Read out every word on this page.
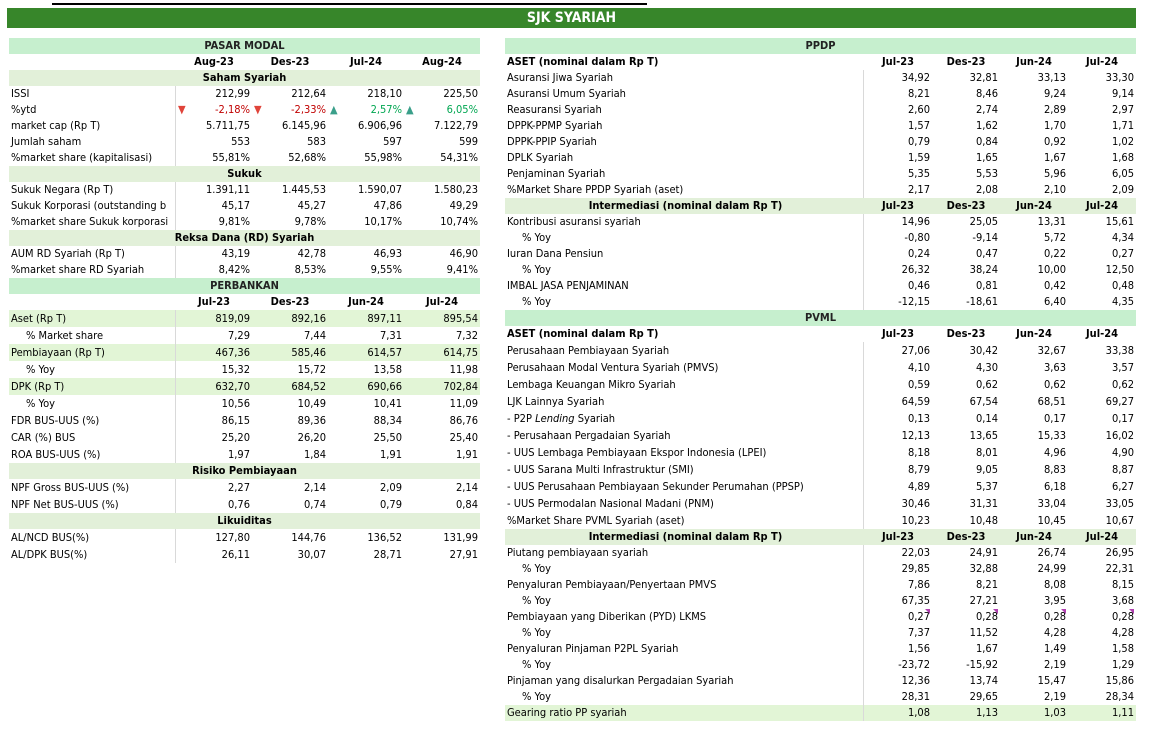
SJK SYARIAH
PASAR MODAL
Aug-23	Des-23	Jul-24	Aug-24
Saham Syariah
ISSI	212,99	212,64	218,10	225,50
%ytd	▼	-2,18% ▼	-2,33% ▲	2,57% ▲	6,05%
market cap (Rp T)	5.711,75	6.145,96	6.906,96	7.122,79
Jumlah saham	553	583	597	599
%market share (kapitalisasi)	55,81%	52,68%	55,98%	54,31%
Sukuk
Sukuk Negara (Rp T)	1.391,11	1.445,53	1.590,07	1.580,23
Sukuk Korporasi (outstanding b	45,17	45,27	47,86	49,29
%market share Sukuk korporasi	9,81%	9,78%	10,17%	10,74%
Reksa Dana (RD) Syariah
AUM RD Syariah (Rp T)	43,19	42,78	46,93	46,90
%market share RD Syariah	8,42%	8,53%	9,55%	9,41%
PERBANKAN
Jul-23	Des-23	Jun-24	Jul-24
Aset (Rp T)	819,09	892,16	897,11	895,54
% Market share	7,29	7,44	7,31	7,32
Pembiayaan (Rp T)	467,36	585,46	614,57	614,75
% Yoy	15,32	15,72	13,58	11,98
DPK (Rp T)	632,70	684,52	690,66	702,84
% Yoy	10,56	10,49	10,41	11,09
FDR BUS-UUS (%)	86,15	89,36	88,34	86,76
CAR (%) BUS	25,20	26,20	25,50	25,40
ROA BUS-UUS (%)	1,97	1,84	1,91	1,91
Risiko Pembiayaan
NPF Gross BUS-UUS (%)	2,27	2,14	2,09	2,14
NPF Net BUS-UUS (%)	0,76	0,74	0,79	0,84
Likuiditas
AL/NCD BUS(%)	127,80	144,76	136,52	131,99
AL/DPK BUS(%)	26,11	30,07	28,71	27,91
PPDP
ASET (nominal dalam Rp T)	Jul-23	Des-23	Jun-24	Jul-24
Asuransi Jiwa Syariah	34,92	32,81	33,13	33,30
Asuransi Umum Syariah	8,21	8,46	9,24	9,14
Reasuransi Syariah	2,60	2,74	2,89	2,97
DPPK-PPMP Syariah	1,57	1,62	1,70	1,71
DPPK-PPIP Syariah	0,79	0,84	0,92	1,02
DPLK Syariah	1,59	1,65	1,67	1,68
Penjaminan Syariah	5,35	5,53	5,96	6,05
%Market Share PPDP Syariah (aset)	2,17	2,08	2,10	2,09
Intermediasi (nominal dalam Rp T)	Jul-23	Des-23	Jun-24	Jul-24
Kontribusi asuransi syariah	14,96	25,05	13,31	15,61
% Yoy	-0,80	-9,14	5,72	4,34
Iuran Dana Pensiun	0,24	0,47	0,22	0,27
% Yoy	26,32	38,24	10,00	12,50
IMBAL JASA PENJAMINAN	0,46	0,81	0,42	0,48
% Yoy	-12,15	-18,61	6,40	4,35
PVML
ASET (nominal dalam Rp T)	Jul-23	Des-23	Jun-24	Jul-24
Perusahaan Pembiayaan Syariah	27,06	30,42	32,67	33,38
Perusahaan Modal Ventura Syariah (PMVS)	4,10	4,30	3,63	3,57
Lembaga Keuangan Mikro Syariah	0,59	0,62	0,62	0,62
LJK Lainnya Syariah	64,59	67,54	68,51	69,27
- P2P Lending Syariah	0,13	0,14	0,17	0,17
- Perusahaan Pergadaian Syariah	12,13	13,65	15,33	16,02
- UUS Lembaga Pembiayaan Ekspor Indonesia (LPEI)	8,18	8,01	4,96	4,90
- UUS Sarana Multi Infrastruktur (SMI)	8,79	9,05	8,83	8,87
- UUS Perusahaan Pembiayaan Sekunder Perumahan (PPSP)	4,89	5,37	6,18	6,27
- UUS Permodalan Nasional Madani (PNM)	30,46	31,31	33,04	33,05
%Market Share PVML Syariah (aset)	10,23	10,48	10,45	10,67
Intermediasi (nominal dalam Rp T)	Jul-23	Des-23	Jun-24	Jul-24
Piutang pembiayaan syariah	22,03	24,91	26,74	26,95
% Yoy	29,85	32,88	24,99	22,31
Penyaluran Pembiayaan/Penyertaan PMVS	7,86	8,21	8,08	8,15
% Yoy	67,35	27,21	3,95	3,68
Pembiayaan yang Diberikan (PYD) LKMS	0,27	0,28	0,28	0,28
% Yoy	7,37	11,52	4,28	4,28
Penyaluran Pinjaman P2PL Syariah	1,56	1,67	1,49	1,58
% Yoy	-23,72	-15,92	2,19	1,29
Pinjaman yang disalurkan Pergadaian Syariah	12,36	13,74	15,47	15,86
% Yoy	28,31	29,65	2,19	28,34
Gearing ratio PP syariah	1,08	1,13	1,03	1,11
